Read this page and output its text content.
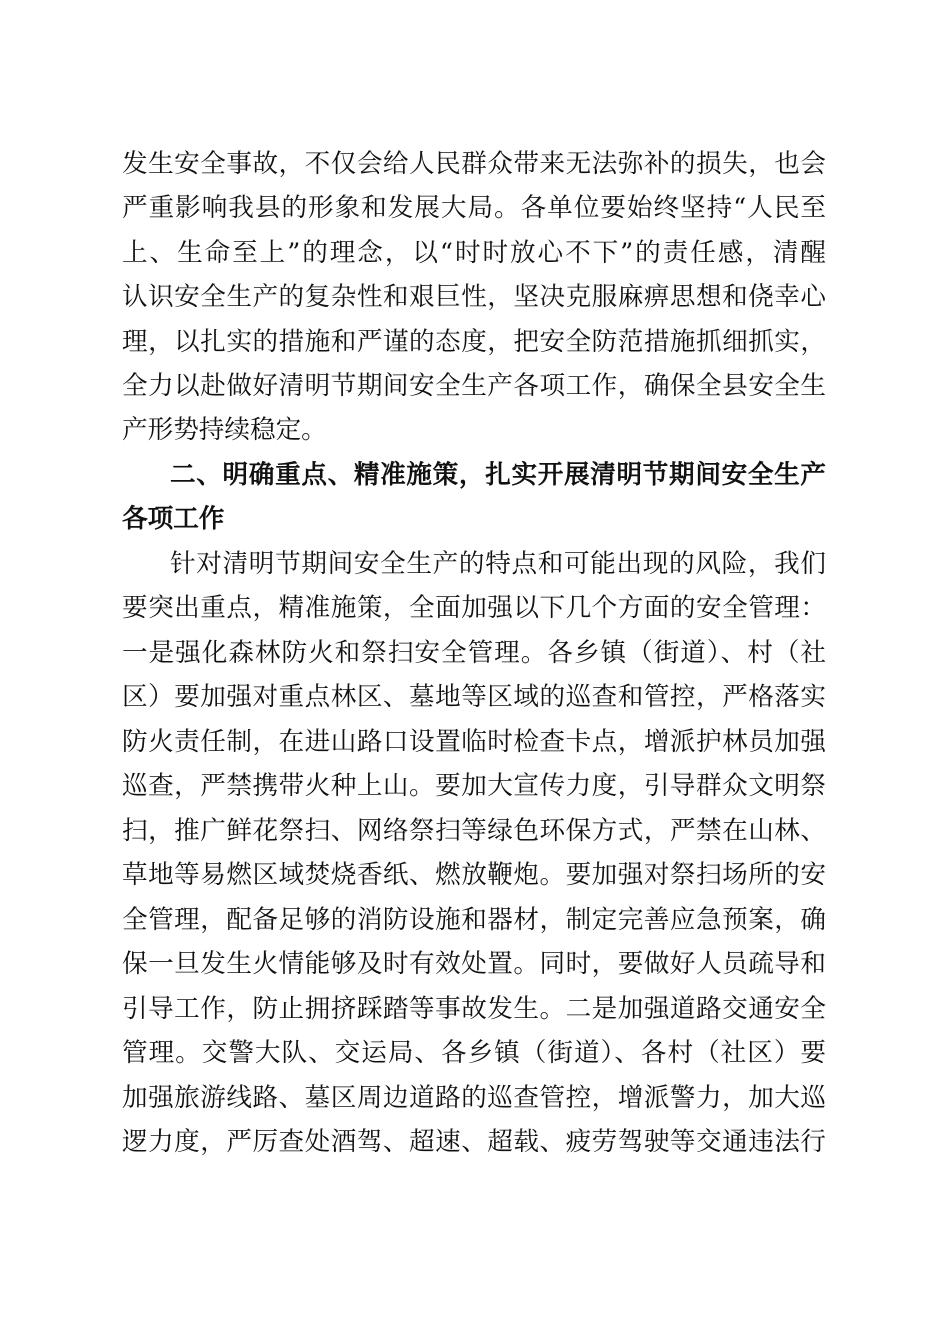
发生安全事故，不仅会给人民群众带来无法弥补的损失，也会
严重影响我县的形象和发展大局。各单位要始终坚持“人民至
上、生命至上”的理念，以“时时放心不下”的责任感，清醒
认识安全生产的复杂性和艰巨性，坚决克服麻痹思想和侥幸心
理，以扎实的措施和严谨的态度，把安全防范措施抓细抓实，
全力以赴做好清明节期间安全生产各项工作，确保全县安全生
产形势持续稳定。
二、明确重点、精准施策，扎实开展清明节期间安全生产
各项工作
针对清明节期间安全生产的特点和可能出现的风险，我们
要突出重点，精准施策，全面加强以下几个方面的安全管理：
一是强化森林防火和祭扫安全管理。各乡镇（街道）、村（社
区）要加强对重点林区、墓地等区域的巡查和管控，严格落实
防火责任制，在进山路口设置临时检查卡点，增派护林员加强
巡查，严禁携带火种上山。要加大宣传力度，引导群众文明祭
扫，推广鲜花祭扫、网络祭扫等绿色环保方式，严禁在山林、
草地等易燃区域焚烧香纸、燃放鞭炮。要加强对祭扫场所的安
全管理，配备足够的消防设施和器材，制定完善应急预案，确
保一旦发生火情能够及时有效处置。同时，要做好人员疏导和
引导工作，防止拥挤踩踏等事故发生。二是加强道路交通安全
管理。交警大队、交运局、各乡镇（街道）、各村（社区）要
加强旅游线路、墓区周边道路的巡查管控，增派警力，加大巡
逻力度，严厉查处酒驾、超速、超载、疲劳驾驶等交通违法行
